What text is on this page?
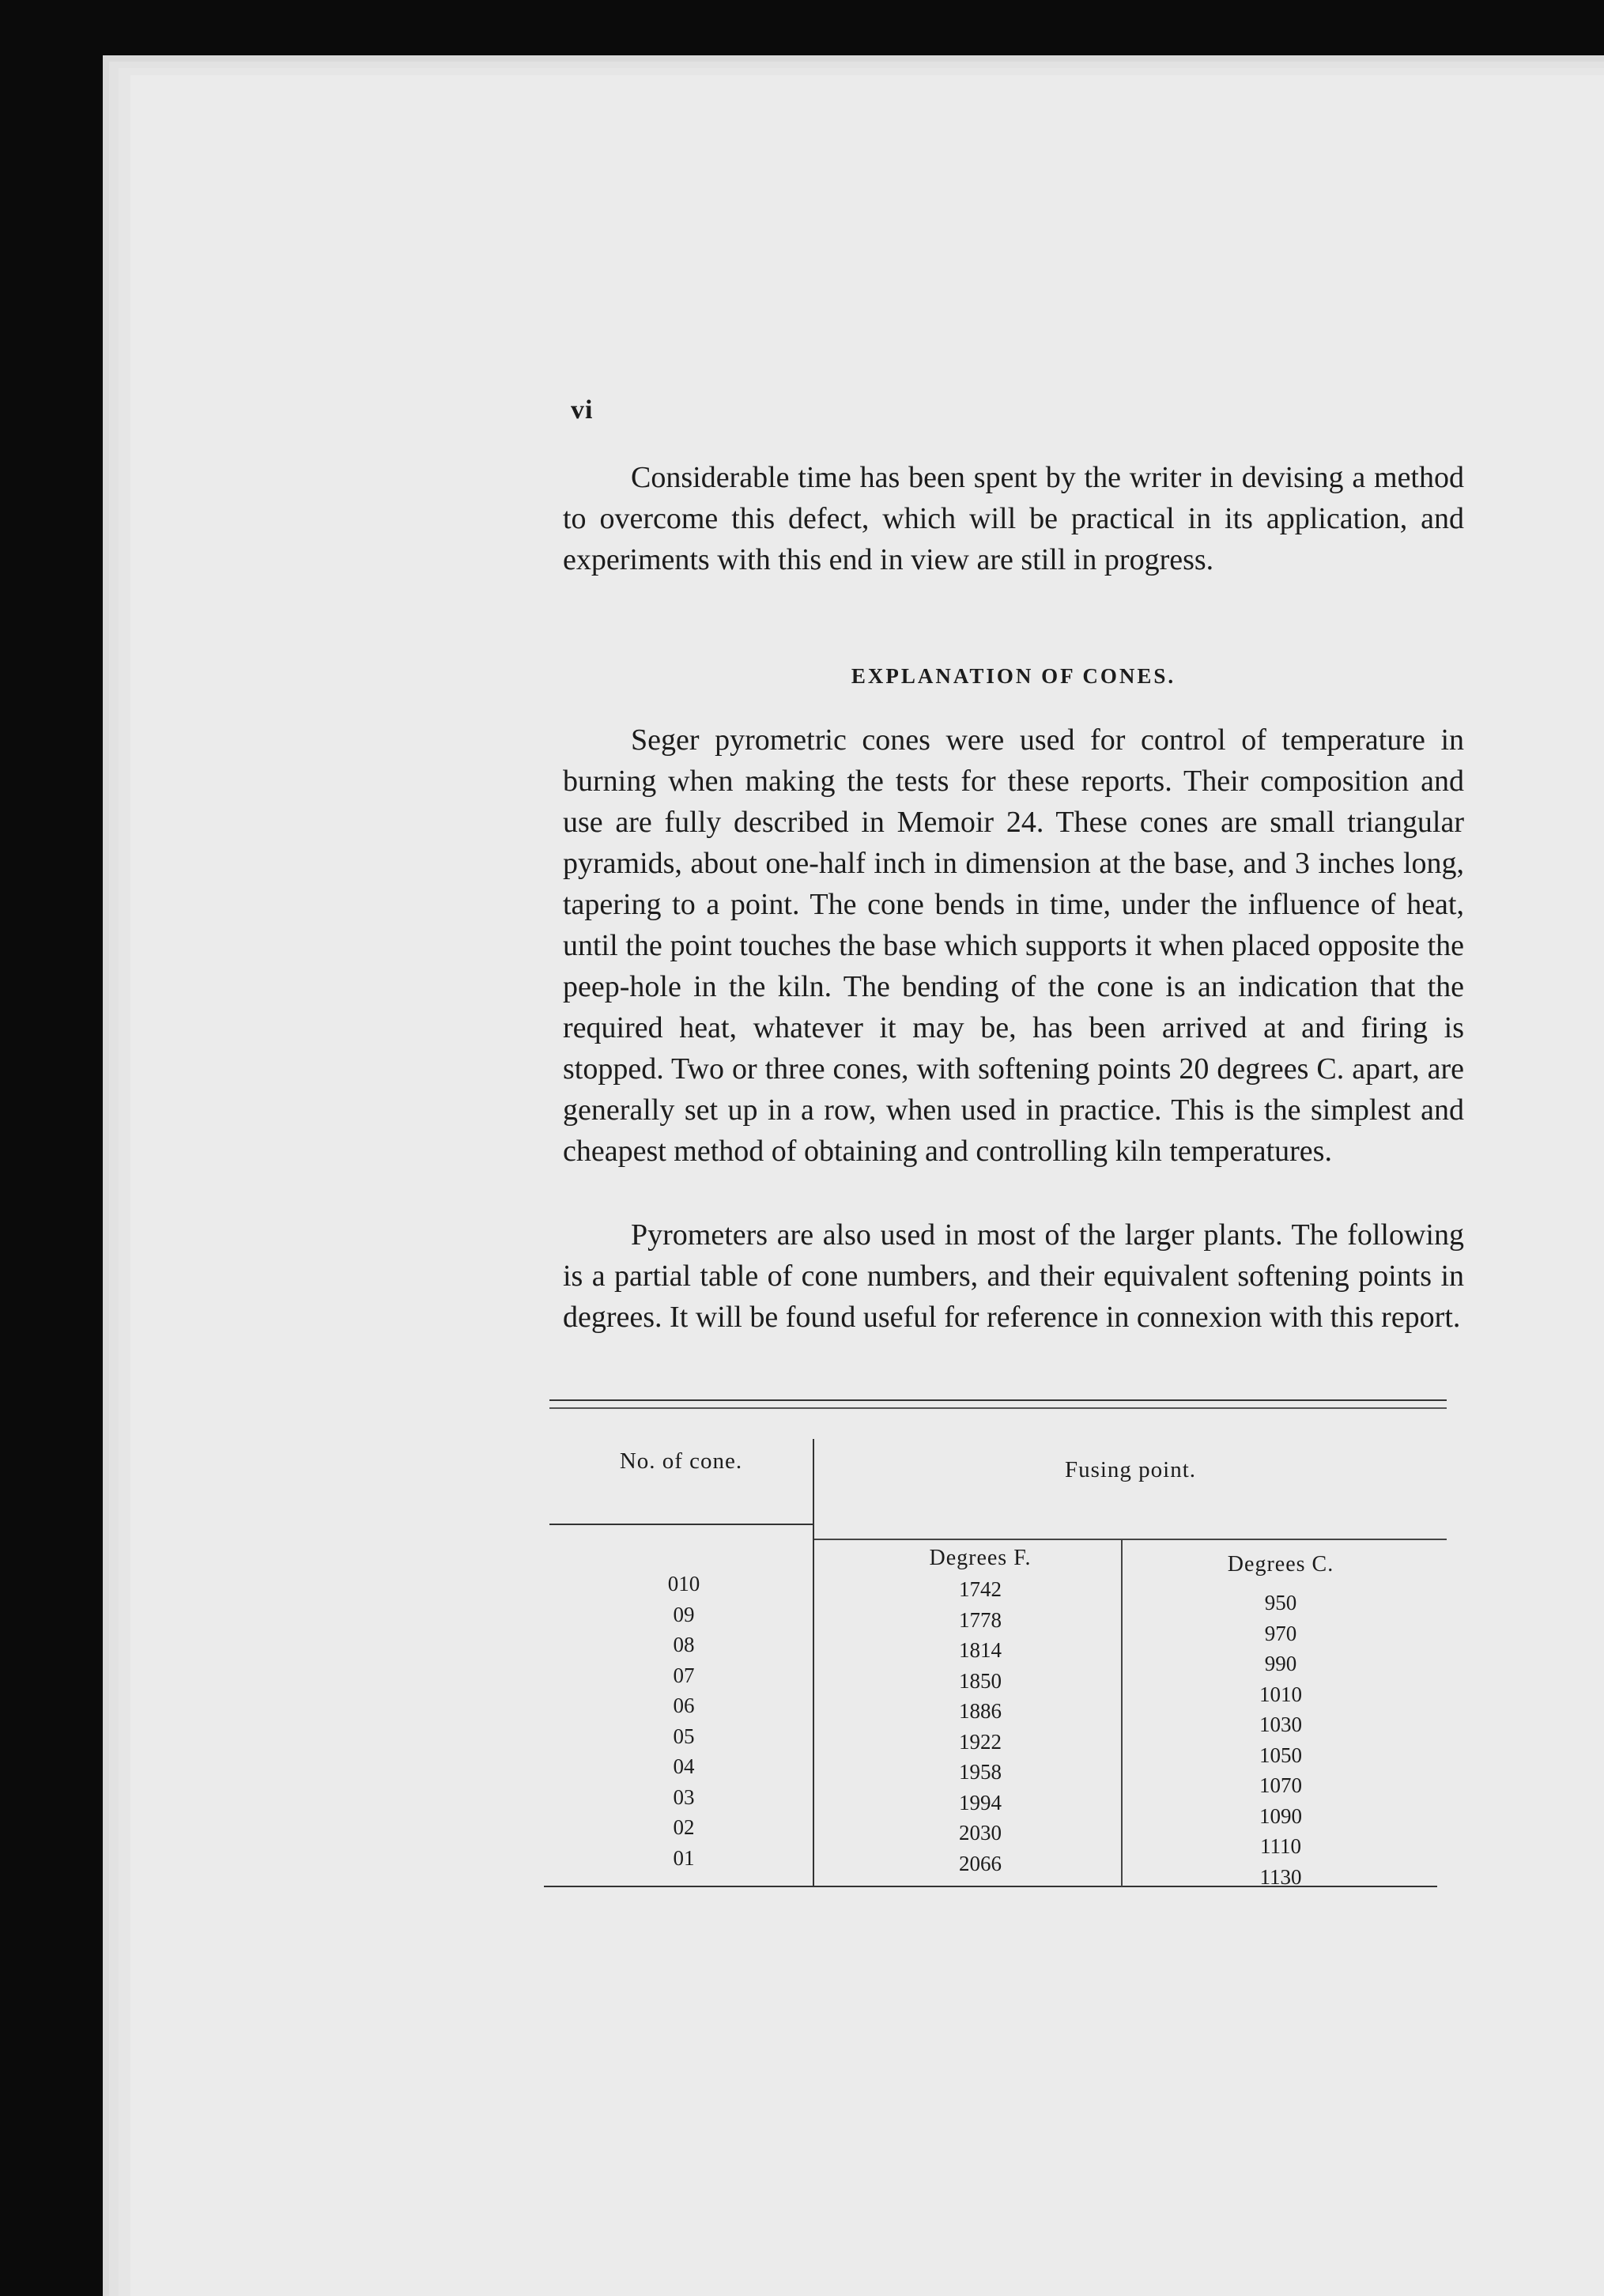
vi

Considerable time has been spent by the writer in devising a method to overcome this defect, which will be practical in its application, and experiments with this end in view are still in progress.

EXPLANATION OF CONES.

Seger pyrometric cones were used for control of temperature in burning when making the tests for these reports. Their composition and use are fully described in Memoir 24. These cones are small triangular pyramids, about one-half inch in dimension at the base, and 3 inches long, tapering to a point. The cone bends in time, under the influence of heat, until the point touches the base which supports it when placed opposite the peep-hole in the kiln. The bending of the cone is an indication that the required heat, whatever it may be, has been arrived at and firing is stopped. Two or three cones, with softening points 20 degrees C. apart, are generally set up in a row, when used in practice. This is the simplest and cheapest method of obtaining and controlling kiln temperatures.

Pyrometers are also used in most of the larger plants. The following is a partial table of cone numbers, and their equivalent softening points in degrees. It will be found useful for reference in connexion with this report.

No. of cone.	Fusing point.
Degrees F.	Degrees C.
010
09
08
07
06
05
04
03
02
01
1742
1778
1814
1850
1886
1922
1958
1994
2030
2066
950
970
990
1010
1030
1050
1070
1090
1110
1130
